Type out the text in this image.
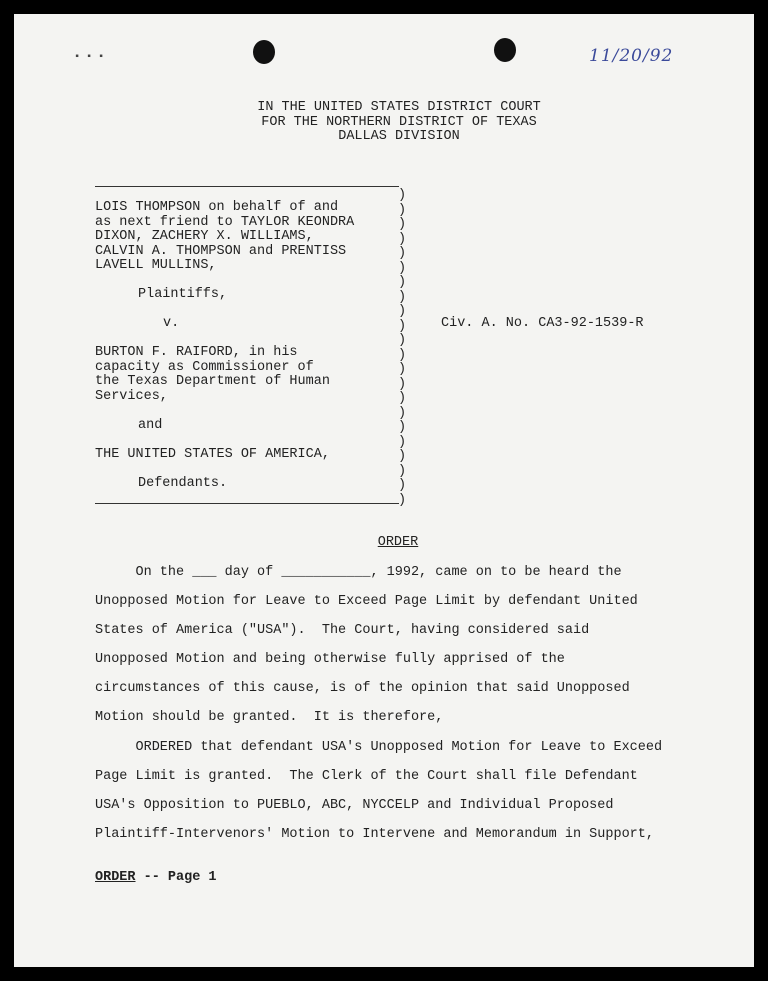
▪ ▪ ▪	11/20/92
IN THE UNITED STATES DISTRICT COURT
FOR THE NORTHERN DISTRICT OF TEXAS
DALLAS DIVISION
)
)
)
)
)
)
)
)
)
)
)
)
)
)
)
)
)
)
)
)
)
)
LOIS THOMPSON on behalf of and
as next friend to TAYLOR KEONDRA
DIXON, ZACHERY X. WILLIAMS,
CALVIN A. THOMPSON and PRENTISS
LAVELL MULLINS,
Plaintiffs,
v.	Civ. A. No. CA3-92-1539-R
BURTON F. RAIFORD, in his
capacity as Commissioner of
the Texas Department of Human
Services,
and
THE UNITED STATES OF AMERICA,
Defendants.
ORDER
On the ___ day of ___________, 1992, came on to be heard the
Unopposed Motion for Leave to Exceed Page Limit by defendant United
States of America ("USA").  The Court, having considered said
Unopposed Motion and being otherwise fully apprised of the
circumstances of this cause, is of the opinion that said Unopposed
Motion should be granted.  It is therefore,
ORDERED that defendant USA's Unopposed Motion for Leave to Exceed
Page Limit is granted.  The Clerk of the Court shall file Defendant
USA's Opposition to PUEBLO, ABC, NYCCELP and Individual Proposed
Plaintiff-Intervenors' Motion to Intervene and Memorandum in Support,
ORDER -- Page 1
